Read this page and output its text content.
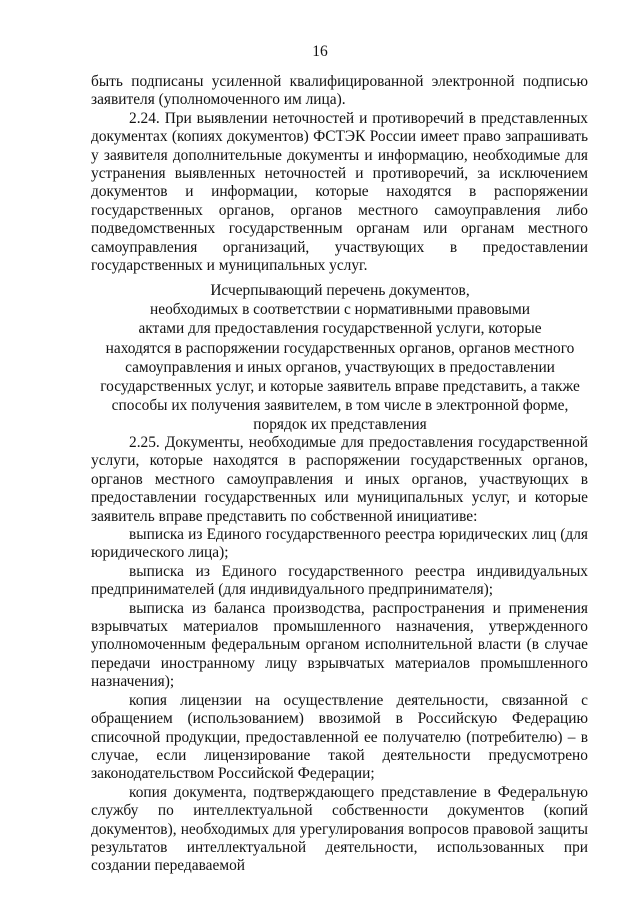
16

быть подписаны усиленной квалифицированной электронной подписью заявителя (уполномоченного им лица).

2.24. При выявлении неточностей и противоречий в представленных документах (копиях документов) ФСТЭК России имеет право запрашивать у заявителя дополнительные документы и информацию, необходимые для устранения выявленных неточностей и противоречий, за исключением документов и информации, которые находятся в распоряжении государственных органов, органов местного самоуправления либо подведомственных государственным органам или органам местного самоуправления организаций, участвующих в предоставлении государственных и муниципальных услуг.

Исчерпывающий перечень документов,
необходимых в соответствии с нормативными правовыми
актами для предоставления государственной услуги, которые
находятся в распоряжении государственных органов, органов местного
самоуправления и иных органов, участвующих в предоставлении
государственных услуг, и которые заявитель вправе представить, а также
способы их получения заявителем, в том числе в электронной форме,
порядок их представления

2.25. Документы, необходимые для предоставления государственной услуги, которые находятся в распоряжении государственных органов, органов местного самоуправления и иных органов, участвующих в предоставлении государственных или муниципальных услуг, и которые заявитель вправе представить по собственной инициативе:

выписка из Единого государственного реестра юридических лиц (для юридического лица);

выписка из Единого государственного реестра индивидуальных предпринимателей (для индивидуального предпринимателя);

выписка из баланса производства, распространения и применения взрывчатых материалов промышленного назначения, утвержденного уполномоченным федеральным органом исполнительной власти (в случае передачи иностранному лицу взрывчатых материалов промышленного назначения);

копия лицензии на осуществление деятельности, связанной с обращением (использованием) ввозимой в Российскую Федерацию списочной продукции, предоставленной ее получателю (потребителю) – в случае, если лицензирование такой деятельности предусмотрено законодательством Российской Федерации;

копия документа, подтверждающего представление в Федеральную службу по интеллектуальной собственности документов (копий документов), необходимых для урегулирования вопросов правовой защиты результатов интеллектуальной деятельности, использованных при создании передаваемой
